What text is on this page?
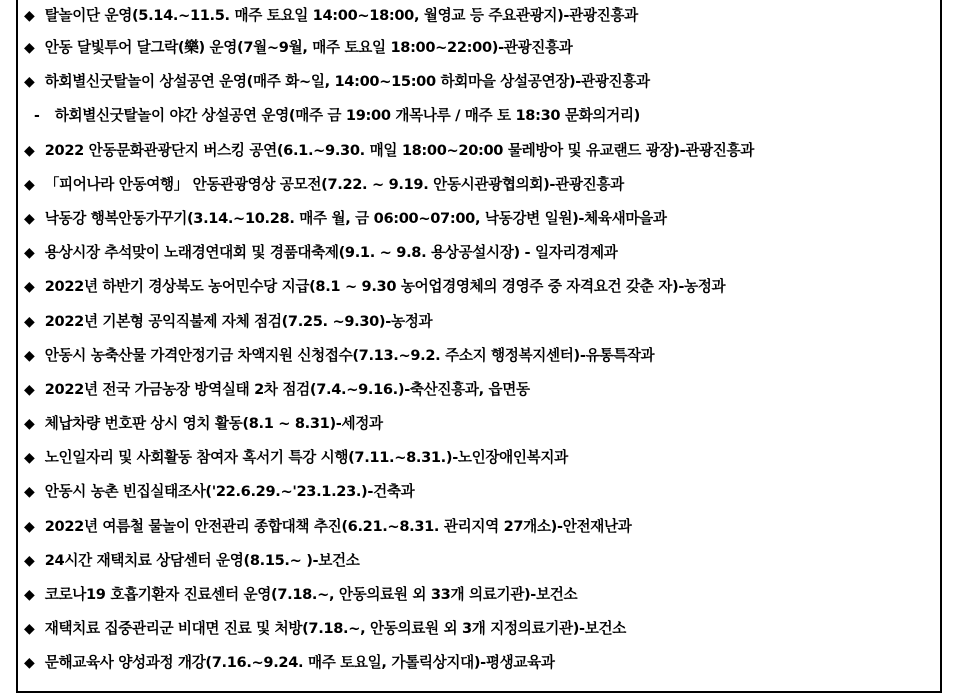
◆ 탈놀이단 운영(5.14.~11.5. 매주 토요일 14:00~18:00, 월영교 등 주요관광지)-관광진흥과
◆ 안동 달빛투어 달그락(樂) 운영(7월~9월, 매주 토요일 18:00~22:00)-관광진흥과
◆ 하회별신굿탈놀이 상설공연 운영(매주 화~일, 14:00~15:00 하회마을 상설공연장)-관광진흥과
- 하회별신굿탈놀이 야간 상설공연 운영(매주 금 19:00 개목나루 / 매주 토 18:30 문화의거리)
◆ 2022 안동문화관광단지 버스킹 공연(6.1.~9.30. 매일 18:00~20:00 물레방아 및 유교랜드 광장)-관광진흥과
◆ 「피어나라 안동여행」 안동관광영상 공모전(7.22. ~ 9.19. 안동시관광협의회)-관광진흥과
◆ 낙동강 행복안동가꾸기(3.14.~10.28. 매주 월, 금 06:00~07:00, 낙동강변 일원)-체육새마을과
◆ 용상시장 추석맞이 노래경연대회 및 경품대축제(9.1. ~ 9.8. 용상공설시장) - 일자리경제과
◆ 2022년 하반기 경상북도 농어민수당 지급(8.1 ~ 9.30 농어업경영체의 경영주 중 자격요건 갖춘 자)-농정과
◆ 2022년 기본형 공익직불제 자체 점검(7.25. ~9.30)-농정과
◆ 안동시 농축산물 가격안정기금 차액지원 신청접수(7.13.~9.2. 주소지 행정복지센터)-유통특작과
◆ 2022년 전국 가금농장 방역실태 2차 점검(7.4.~9.16.)-축산진흥과, 읍면동
◆ 체납차량 번호판 상시 영치 활동(8.1 ~ 8.31)-세정과
◆ 노인일자리 및 사회활동 참여자 혹서기 특강 시행(7.11.~8.31.)-노인장애인복지과
◆ 안동시 농촌 빈집실태조사('22.6.29.~'23.1.23.)-건축과
◆ 2022년 여름철 물놀이 안전관리 종합대책 추진(6.21.~8.31. 관리지역 27개소)-안전재난과
◆ 24시간 재택치료 상담센터 운영(8.15.~ )-보건소
◆ 코로나19 호흡기환자 진료센터 운영(7.18.~, 안동의료원 외 33개 의료기관)-보건소
◆ 재택치료 집중관리군 비대면 진료 및 처방(7.18.~, 안동의료원 외 3개 지정의료기관)-보건소
◆ 문해교육사 양성과정 개강(7.16.~9.24. 매주 토요일, 가톨릭상지대)-평생교육과
